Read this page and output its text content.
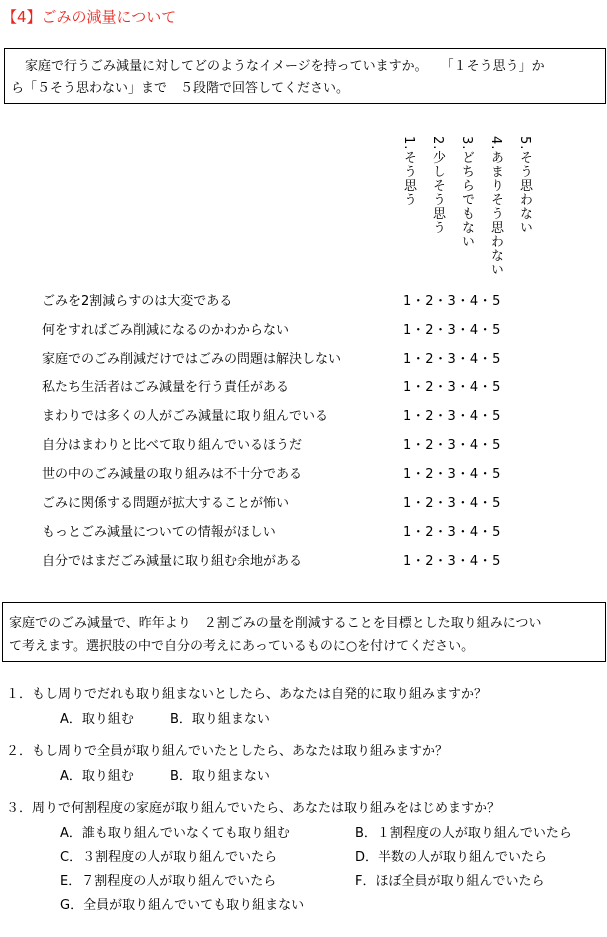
【4】ごみの減量について
家庭で行うごみ減量に対してどのようなイメージを持っていますか。　　「１そう思う」か
ら「５そう思わない」まで　５段階で回答してください。
1.そう思う 2.少しそう思う 3.どちらでもない 4.あまりそう思わない 5.そう思わない
ごみを2割減らすのは大変である	1・2・3・4・5
何をすればごみ削減になるのかわからない	1・2・3・4・5
家庭でのごみ削減だけではごみの問題は解決しない	1・2・3・4・5
私たち生活者はごみ減量を行う責任がある	1・2・3・4・5
まわりでは多くの人がごみ減量に取り組んでいる	1・2・3・4・5
自分はまわりと比べて取り組んでいるほうだ	1・2・3・4・5
世の中のごみ減量の取り組みは不十分である	1・2・3・4・5
ごみに関係する問題が拡大することが怖い	1・2・3・4・5
もっとごみ減量についての情報がほしい	1・2・3・4・5
自分ではまだごみ減量に取り組む余地がある	1・2・3・4・5
家庭でのごみ減量で、昨年より　２割ごみの量を削減することを目標とした取り組みについ
て考えます。選択肢の中で自分の考えにあっているものに○を付けてください。
１．もし周りでだれも取り組まないとしたら、あなたは自発的に取り組みますか？
A．取り組む	B．取り組まない
２．もし周りで全員が取り組んでいたとしたら、あなたは取り組みますか？
A．取り組む	B．取り組まない
３．周りで何割程度の家庭が取り組んでいたら、あなたは取り組みをはじめますか？
A．誰も取り組んでいなくても取り組む	B．１割程度の人が取り組んでいたら
C．３割程度の人が取り組んでいたら	D．半数の人が取り組んでいたら
E．７割程度の人が取り組んでいたら	F．ほぼ全員が取り組んでいたら
G．全員が取り組んでいても取り組まない
